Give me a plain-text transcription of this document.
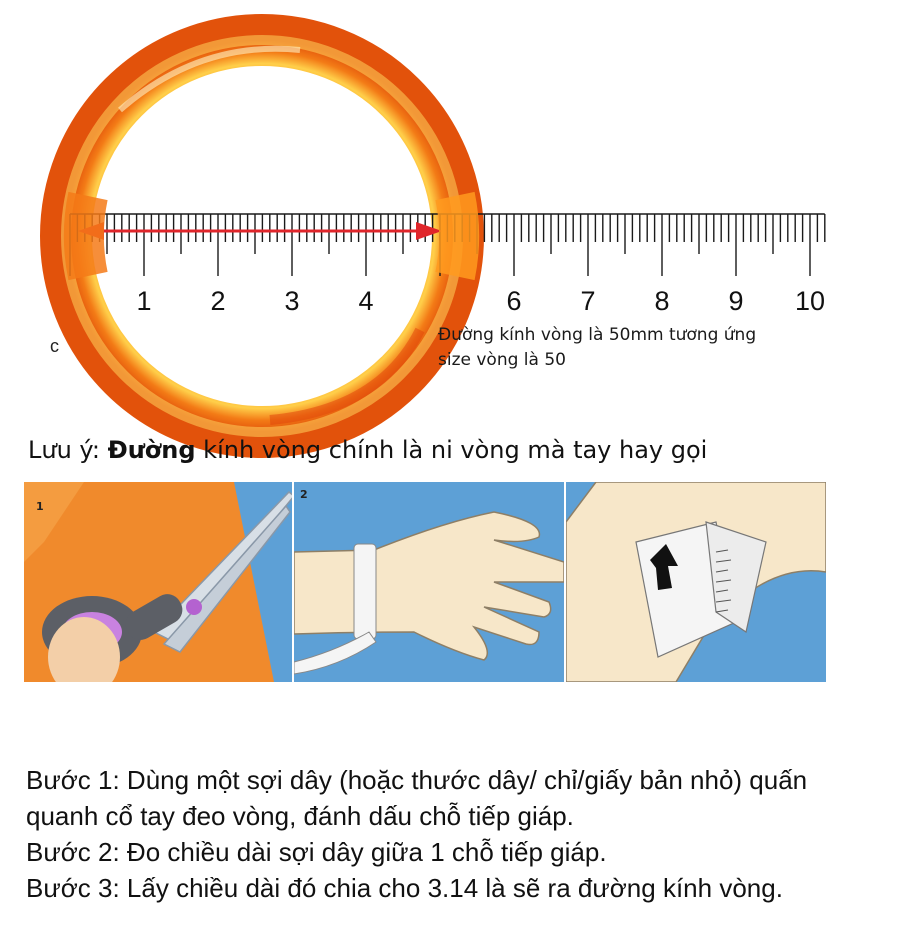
1 2 3 4	6 7 8 9 10
c
Đường kính vòng là 50mm tương ứng
size vòng là 50
Lưu ý: Đường kính vòng chính là ni vòng mà tay hay gọi
1
2

Bước 1: Dùng một sợi dây (hoặc thước dây/ chỉ/giấy bản nhỏ) quấn quanh cổ tay đeo vòng, đánh dấu chỗ tiếp giáp.

Bước 2: Đo chiều dài sợi dây giữa 1 chỗ tiếp giáp.

Bước 3: Lấy chiều dài đó chia cho 3.14 là sẽ ra đường kính vòng.
